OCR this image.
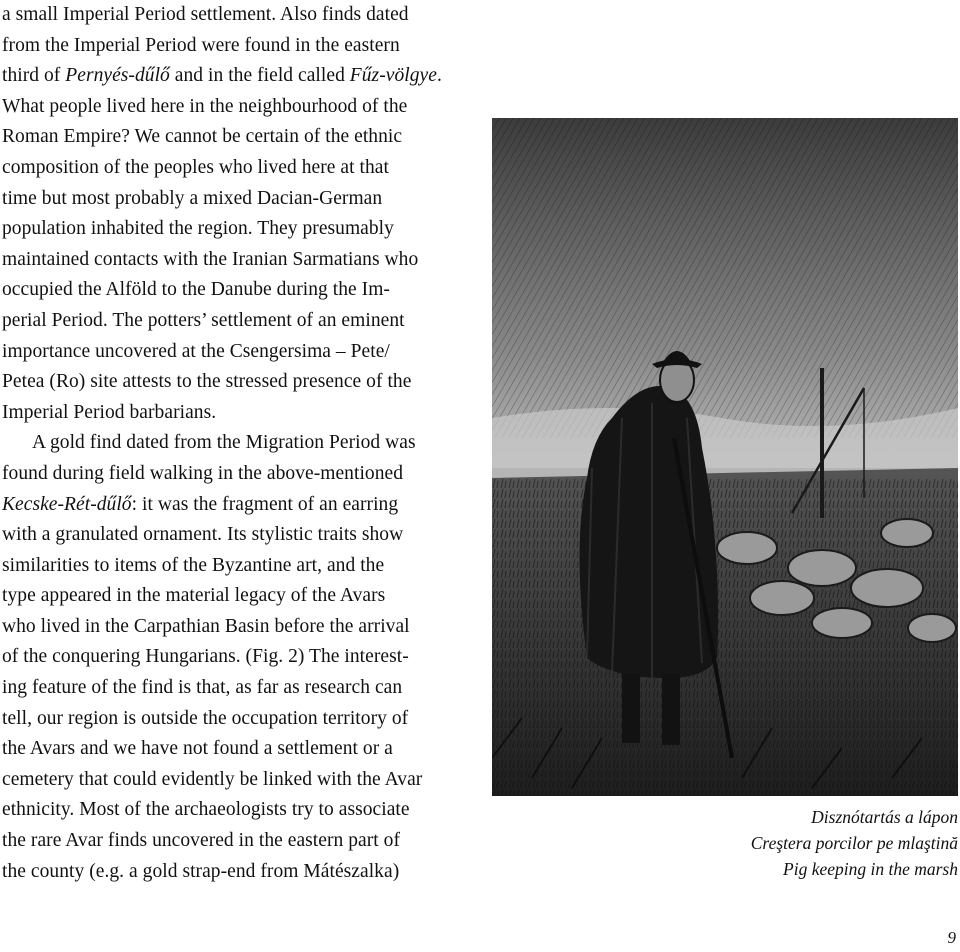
a small Imperial Period settlement. Also finds dated
from the Imperial Period were found in the eastern
third of Pernyés-dűlő and in the field called Fűz-völgye.
What people lived here in the neighbourhood of the
Roman Empire? We cannot be certain of the ethnic
composition of the peoples who lived here at that
time but most probably a mixed Dacian-German
population inhabited the region. They presumably
maintained contacts with the Iranian Sarmatians who
occupied the Alföld to the Danube during the Im-
perial Period. The potters’ settlement of an eminent
importance uncovered at the Csengersima – Pete/
Petea (Ro) site attests to the stressed presence of the
Imperial Period barbarians.
A gold find dated from the Migration Period was
found during field walking in the above-mentioned
Kecske-Rét-dűlő: it was the fragment of an earring
with a granulated ornament. Its stylistic traits show
similarities to items of the Byzantine art, and the
type appeared in the material legacy of the Avars
who lived in the Carpathian Basin before the arrival
of the conquering Hungarians. (Fig. 2) The interest-
ing feature of the find is that, as far as research can
tell, our region is outside the occupation territory of
the Avars and we have not found a settlement or a
cemetery that could evidently be linked with the Avar
ethnicity. Most of the archaeologists try to associate
the rare Avar finds uncovered in the eastern part of
the county (e.g. a gold strap-end from Mátészalka)
Disznótartás a lápon
Creştera porcilor pe mlaştină
Pig keeping in the marsh
9
